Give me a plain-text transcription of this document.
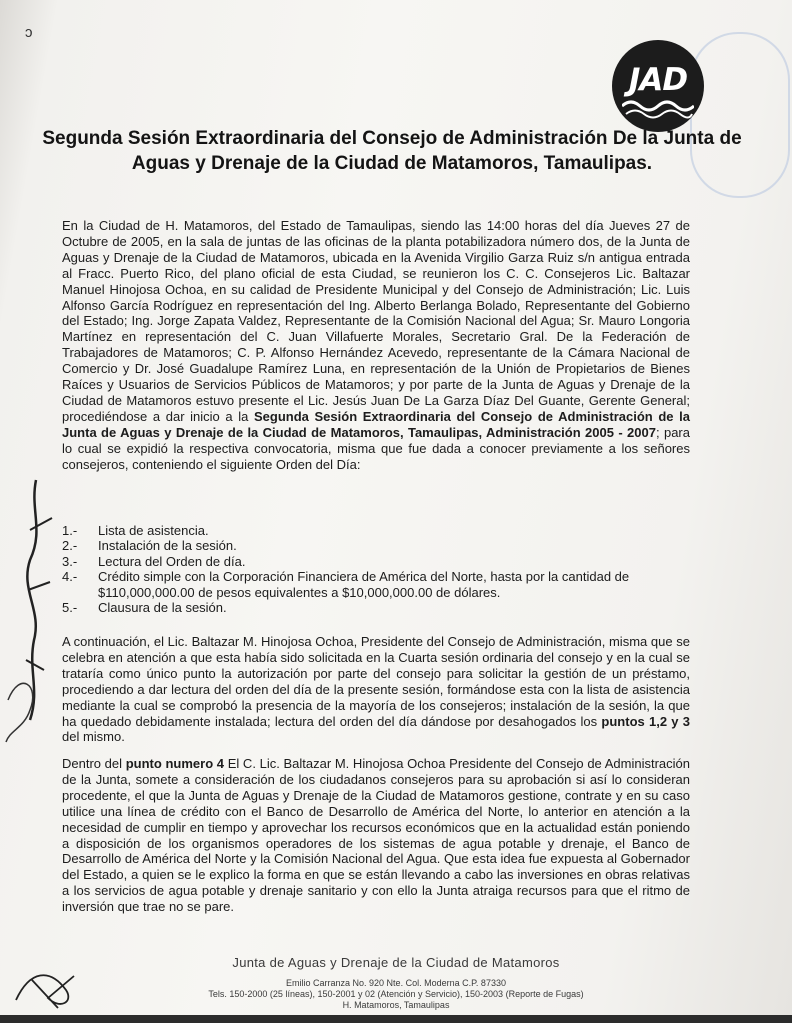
ↄ
JAD
Segunda Sesión Extraordinaria del Consejo de Administración De la Junta de Aguas y Drenaje de la Ciudad de Matamoros, Tamaulipas.

En la Ciudad de H. Matamoros, del Estado de Tamaulipas, siendo las 14:00 horas del día Jueves 27 de Octubre de 2005, en la sala de juntas de las oficinas de la planta potabilizadora número dos, de la Junta de Aguas y Drenaje de la Ciudad de Matamoros, ubicada en la Avenida Virgilio Garza Ruiz s/n antigua entrada al Fracc. Puerto Rico, del plano oficial de esta Ciudad, se reunieron los C. C. Consejeros Lic. Baltazar Manuel Hinojosa Ochoa, en su calidad de Presidente Municipal y del Consejo de Administración; Lic. Luis Alfonso García Rodríguez en representación del Ing. Alberto Berlanga Bolado, Representante del Gobierno del Estado; Ing. Jorge Zapata Valdez, Representante de la Comisión Nacional del Agua; Sr. Mauro Longoria Martínez en representación del C. Juan Villafuerte Morales, Secretario Gral. De la Federación de Trabajadores de Matamoros; C. P. Alfonso Hernández Acevedo, representante de la Cámara Nacional de Comercio y Dr. José Guadalupe Ramírez Luna, en representación de la Unión de Propietarios de Bienes Raíces y Usuarios de Servicios Públicos de Matamoros; y por parte de la Junta de Aguas y Drenaje de la Ciudad de Matamoros estuvo presente el Lic. Jesús Juan De La Garza Díaz Del Guante, Gerente General; procediéndose a dar inicio a la Segunda Sesión Extraordinaria del Consejo de Administración de la Junta de Aguas y Drenaje de la Ciudad de Matamoros, Tamaulipas, Administración 2005 - 2007; para lo cual se expidió la respectiva convocatoria, misma que fue dada a conocer previamente a los señores consejeros, conteniendo el siguiente Orden del Día:

1.-	Lista de asistencia.
2.-	Instalación de la sesión.
3.-	Lectura del Orden de día.
4.-	Crédito simple con la Corporación Financiera de América del Norte, hasta por la cantidad de $110,000,000.00 de pesos equivalentes a $10,000,000.00 de dólares.
5.-	Clausura de la sesión.

A continuación, el Lic. Baltazar M. Hinojosa Ochoa, Presidente del Consejo de Administración, misma que se celebra en atención a que esta había sido solicitada en la Cuarta sesión ordinaria del consejo y en la cual se trataría como único punto la autorización por parte del consejo para solicitar la gestión de un préstamo, procediendo a dar lectura del orden del día de la presente sesión, formándose esta con la lista de asistencia mediante la cual se comprobó la presencia de la mayoría de los consejeros; instalación de la sesión, la que ha quedado debidamente instalada; lectura del orden del día dándose por desahogados los puntos 1,2 y 3 del mismo.

Dentro del punto numero 4 El C. Lic. Baltazar M. Hinojosa Ochoa Presidente del Consejo de Administración de la Junta, somete a consideración de los ciudadanos consejeros para su aprobación si así lo consideran procedente, el que la Junta de Aguas y Drenaje de la Ciudad de Matamoros gestione, contrate y en su caso utilice una línea de crédito con el Banco de Desarrollo de América del Norte, lo anterior en atención a la necesidad de cumplir en tiempo y aprovechar los recursos económicos que en la actualidad están poniendo a disposición de los organismos operadores de los sistemas de agua potable y drenaje, el Banco de Desarrollo de América del Norte y la Comisión Nacional del Agua. Que esta idea fue expuesta al Gobernador del Estado, a quien se le explico la forma en que se están llevando a cabo las inversiones en obras relativas a los servicios de agua potable y drenaje sanitario y con ello la Junta atraiga recursos para que el ritmo de inversión que trae no se pare.

Junta de Aguas y Drenaje de la Ciudad de Matamoros
Emilio Carranza No. 920 Nte. Col. Moderna C.P. 87330
Tels. 150-2000 (25 líneas), 150-2001 y 02 (Atención y Servicio), 150-2003 (Reporte de Fugas)
H. Matamoros, Tamaulipas
